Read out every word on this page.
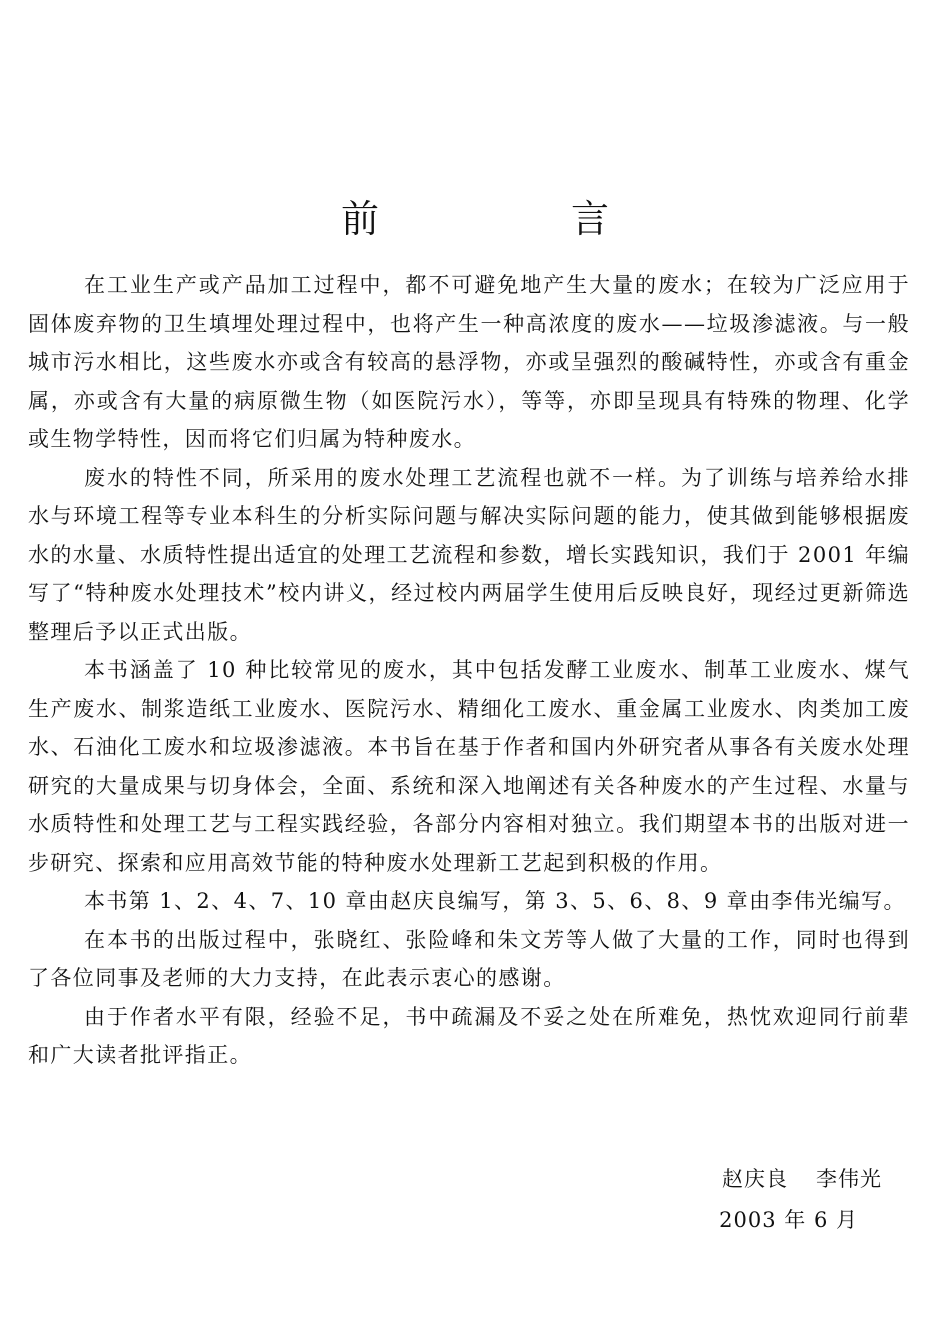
前 言

在工业生产或产品加工过程中，都不可避免地产生大量的废水；在较为广泛应用于固体废弃物的卫生填埋处理过程中，也将产生一种高浓度的废水——垃圾渗滤液。与一般城市污水相比，这些废水亦或含有较高的悬浮物，亦或呈强烈的酸碱特性，亦或含有重金属，亦或含有大量的病原微生物（如医院污水），等等，亦即呈现具有特殊的物理、化学或生物学特性，因而将它们归属为特种废水。

废水的特性不同，所采用的废水处理工艺流程也就不一样。为了训练与培养给水排水与环境工程等专业本科生的分析实际问题与解决实际问题的能力，使其做到能够根据废水的水量、水质特性提出适宜的处理工艺流程和参数，增长实践知识，我们于 2001 年编写了“特种废水处理技术”校内讲义，经过校内两届学生使用后反映良好，现经过更新筛选整理后予以正式出版。

本书涵盖了 10 种比较常见的废水，其中包括发酵工业废水、制革工业废水、煤气生产废水、制浆造纸工业废水、医院污水、精细化工废水、重金属工业废水、肉类加工废水、石油化工废水和垃圾渗滤液。本书旨在基于作者和国内外研究者从事各有关废水处理研究的大量成果与切身体会，全面、系统和深入地阐述有关各种废水的产生过程、水量与水质特性和处理工艺与工程实践经验，各部分内容相对独立。我们期望本书的出版对进一步研究、探索和应用高效节能的特种废水处理新工艺起到积极的作用。

本书第 1、2、4、7、10 章由赵庆良编写，第 3、5、6、8、9 章由李伟光编写。

在本书的出版过程中，张晓红、张险峰和朱文芳等人做了大量的工作，同时也得到了各位同事及老师的大力支持，在此表示衷心的感谢。

由于作者水平有限，经验不足，书中疏漏及不妥之处在所难免，热忱欢迎同行前辈和广大读者批评指正。

赵庆良 李伟光
2003 年 6 月
